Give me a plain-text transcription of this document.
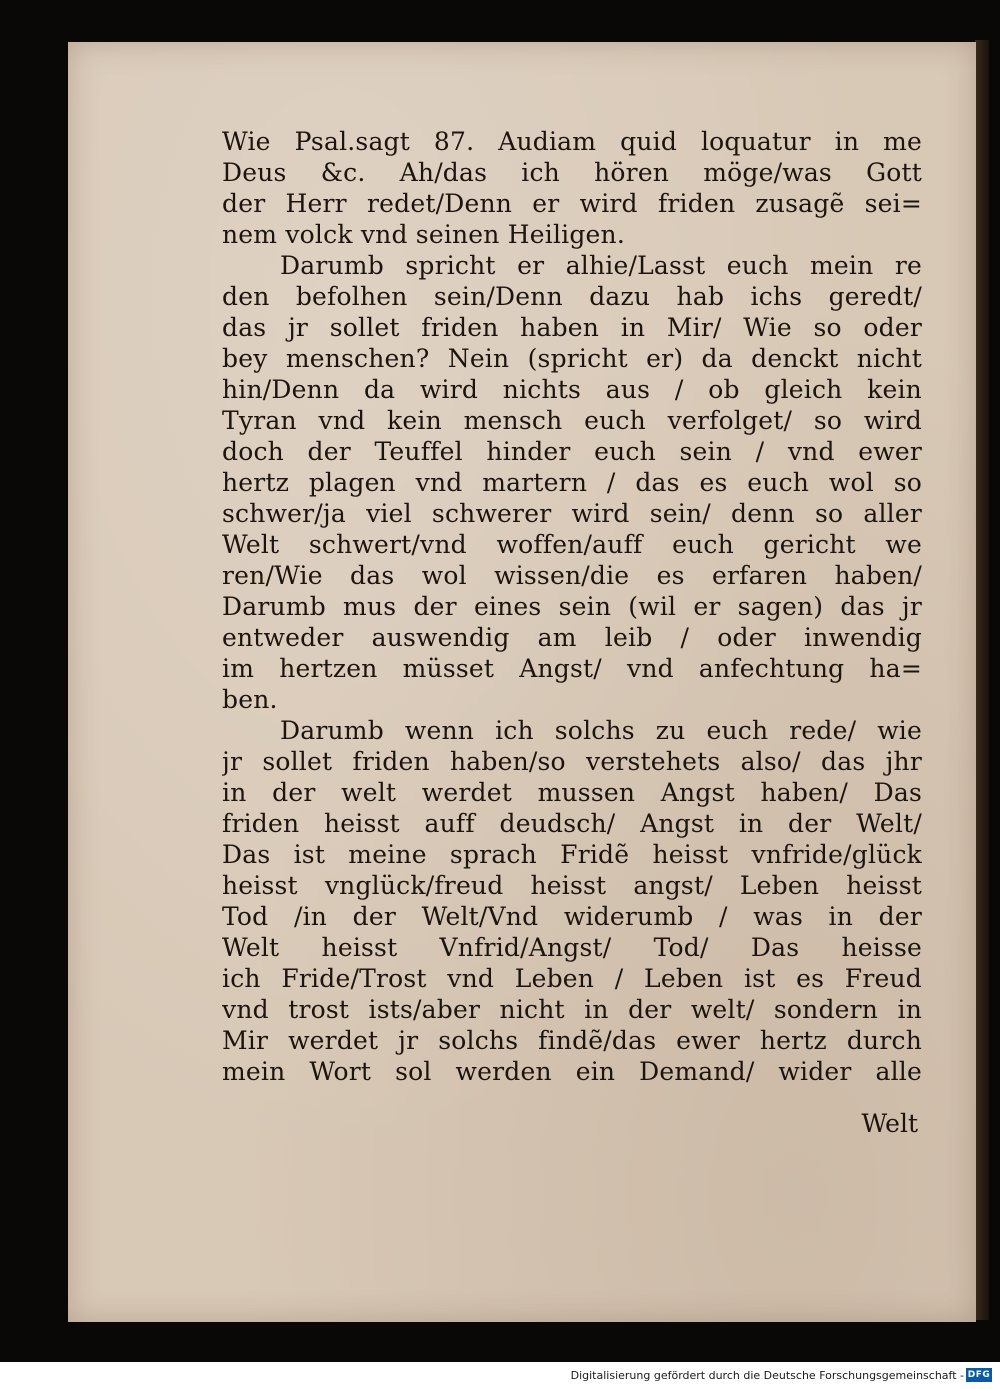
Wie Psal.sagt 87. Audiam quid loquatur in me
Deus &c. Ah/das ich hören möge/was Gott
der Herr redet/Denn er wird friden zusagẽ sei=
nem volck vnd seinen Heiligen.
Darumb spricht er alhie/Lasst euch mein re
den befolhen sein/Denn dazu hab ichs geredt/
das jr sollet friden haben in Mir/ Wie so oder
bey menschen? Nein (spricht er) da denckt nicht
hin/Denn da wird nichts aus / ob gleich kein
Tyran vnd kein mensch euch verfolget/ so wird
doch der Teuffel hinder euch sein / vnd ewer
hertz plagen vnd martern / das es euch wol so
schwer/ja viel schwerer wird sein/ denn so aller
Welt schwert/vnd woffen/auff euch gericht we
ren/Wie das wol wissen/die es erfaren haben/
Darumb mus der eines sein (wil er sagen) das jr
entweder auswendig am leib / oder inwendig
im hertzen müsset Angst/ vnd anfechtung ha=
ben.
Darumb wenn ich solchs zu euch rede/ wie
jr sollet friden haben/so verstehets also/ das jhr
in der welt werdet mussen Angst haben/ Das
friden heisst auff deudsch/ Angst in der Welt/
Das ist meine sprach Fridẽ heisst vnfride/glück
heisst vnglück/freud heisst angst/ Leben heisst
Tod /in der Welt/Vnd widerumb / was in der
Welt heisst Vnfrid/Angst/ Tod/ Das heisse
ich Fride/Trost vnd Leben / Leben ist es Freud
vnd trost ists/aber nicht in der welt/ sondern in
Mir werdet jr solchs findẽ/das ewer hertz durch
mein Wort sol werden ein Demand/ wider alle
Welt
Digitalisierung gefördert durch die Deutsche Forschungsgemeinschaft - DFG
